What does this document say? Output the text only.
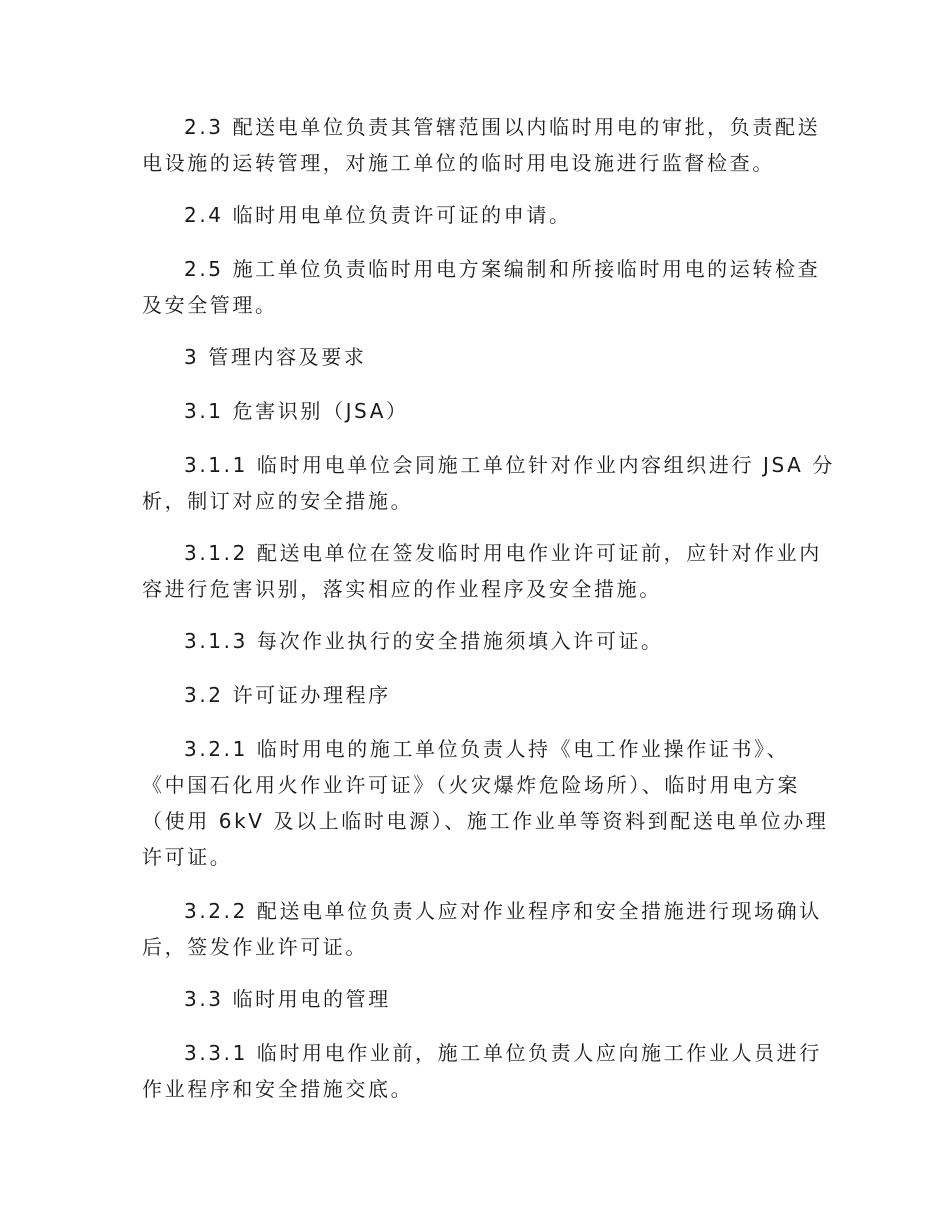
2.3 配送电单位负责其管辖范围以内临时用电的审批，负责配送
电设施的运转管理，对施工单位的临时用电设施进行监督检查。
2.4 临时用电单位负责许可证的申请。
2.5 施工单位负责临时用电方案编制和所接临时用电的运转检查
及安全管理。
3 管理内容及要求
3.1 危害识别（JSA）
3.1.1 临时用电单位会同施工单位针对作业内容组织进行 JSA 分
析，制订对应的安全措施。
3.1.2 配送电单位在签发临时用电作业许可证前，应针对作业内
容进行危害识别，落实相应的作业程序及安全措施。
3.1.3 每次作业执行的安全措施须填入许可证。
3.2 许可证办理程序
3.2.1 临时用电的施工单位负责人持《电工作业操作证书》、
《中国石化用火作业许可证》（火灾爆炸危险场所）、临时用电方案
（使用 6kV 及以上临时电源）、施工作业单等资料到配送电单位办理
许可证。
3.2.2 配送电单位负责人应对作业程序和安全措施进行现场确认
后，签发作业许可证。
3.3 临时用电的管理
3.3.1 临时用电作业前，施工单位负责人应向施工作业人员进行
作业程序和安全措施交底。
